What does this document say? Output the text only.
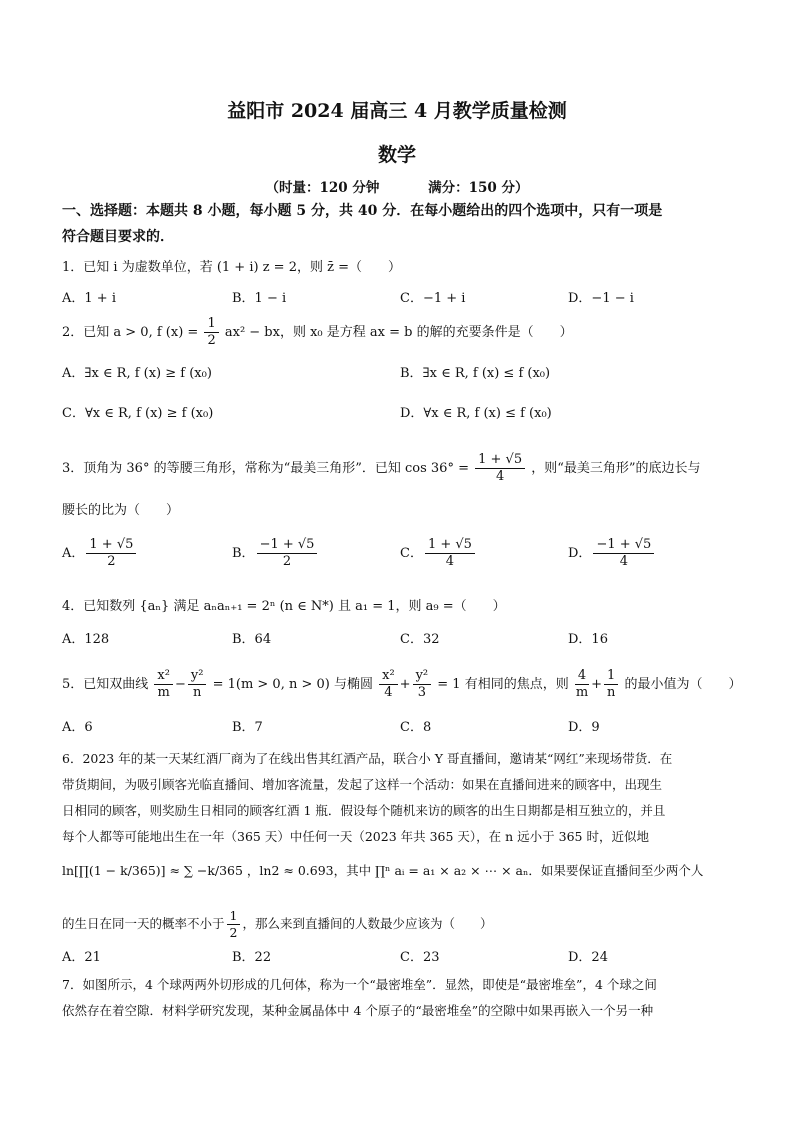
益阳市 2024 届高三 4 月教学质量检测
数学
（时量：120 分钟	满分：150 分）
一、选择题：本题共 8 小题，每小题 5 分，共 40 分．在每小题给出的四个选项中，只有一项是
符合题目要求的．
1．已知 i 为虚数单位，若 (1 + i) z = 2，则 z̄ =（　　）
A．1 + i	B．1 − i	C．−1 + i	D．−1 − i
2．已知 a > 0, f $(x) = \frac{1}{2} ax^2$ − bx，则 x₀ 是方程 ax = b 的解的充要条件是（　　）
A．∃x ∈ R, f (x) ≥ f (x₀)	B．∃x ∈ R, f (x) ≤ f (x₀)
C．∀x ∈ R, f (x) ≥ f (x₀)	D．∀x ∈ R, f (x) ≤ f (x₀)
3．顶角为 36° 的等腰三角形，常称为“最美三角形”．已知 $\cos 36^\circ = \frac{1 + √5}{4}$ ，则“最美三角形”的底边长与
腰长的比为（　　）
A． $\frac{1 + √5}{2}$	B． $\frac{-1 + √5}{2}$	C． $\frac{1 + √5}{4}$	D． $\frac{-1 + √5}{4}$
4．已知数列 {aₙ} 满足 aₙaₙ₊₁ = 2ⁿ (n ∈ N*) 且 a₁ = 1，则 a₉ =（　　）
A．128	B．64	C．32	D．16
5．已知双曲线 $\frac{\text{x²}}{m} - \frac{\text{y²}}{n} = 1(m > 0$, n > 0) 与椭圆 $\frac{\text{x²}}{4} + \frac{\text{y²}}{3} = 1$ 有相同的焦点，则 $\frac{4}{m} + \frac{1}{n}$ 的最小值为（　　）
A．6	B．7	C．8	D．9
6．2023 年的某一天某红酒厂商为了在线出售其红酒产品，联合小 Y 哥直播间，邀请某“网红”来现场带货．在
带货期间，为吸引顾客光临直播间、增加客流量，发起了这样一个活动：如果在直播间进来的顾客中，出现生
日相同的顾客，则奖励生日相同的顾客红酒 1 瓶．假设每个随机来访的顾客的出生日期都是相互独立的，并且
每个人都等可能地出生在一年（365 天）中任何一天（2023 年共 365 天），在 n 远小于 365 时，近似地
ln[∏(1 − k/365)] ≈ ∑ −k/365 ，ln2 ≈ 0.693，其中 ∏ⁿ aᵢ = a₁ × a₂ × ⋯ × aₙ．如果要保证直播间至少两个人
的生日在同一天的概率不小于 $\frac{1}{2}$ ，那么来到直播间的人数最少应该为（　　）
A．21	B．22	C．23	D．24
7．如图所示，4 个球两两外切形成的几何体，称为一个“最密堆垒”．显然，即使是“最密堆垒”，4 个球之间
依然存在着空隙．材料学研究发现，某种金属晶体中 4 个原子的“最密堆垒”的空隙中如果再嵌入一个另一种
